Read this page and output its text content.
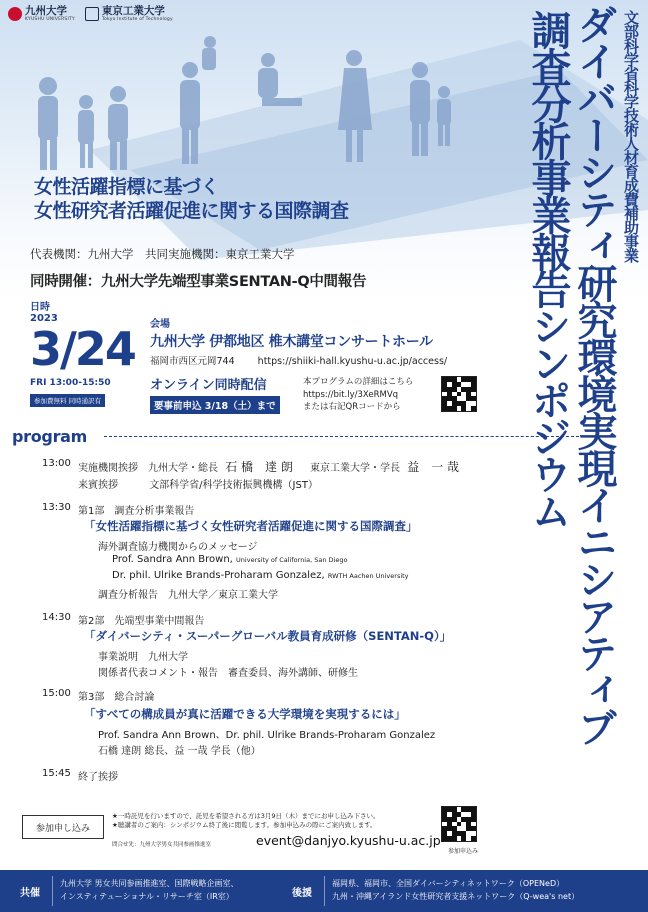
九州大学
KYUSHU UNIVERSITY
東京工業大学
Tokyo Institute of Technology	文部科学省科学技術人材育成費補助事業
ダイバーシティ研究環境実現イニシアティブ
調査分析事業報告シンポジウム
女性活躍指標に基づく
女性研究者活躍促進に関する国際調査
代表機関：九州大学　共同実施機関：東京工業大学
同時開催：九州大学先端型事業SENTAN-Q中間報告
日時
2023
3/24
FRI 13:00-15:50
参加費無料 同時通訳有
会場
九州大学 伊都地区 椎木講堂コンサートホール
福岡市西区元岡744 https://shiiki-hall.kyushu-u.ac.jp/access/
オンライン同時配信
要事前申込 3/18（土）まで
本プログラムの詳細はこちら
https://bit.ly/3XeRMVq
または右記QRコードから
program
13:00 実施機関挨拶　九州大学・総長 石 橋　達 朗 東京工業大学・学長 益　一 哉
来賓挨拶	文部科学省/科学技術振興機構（JST）
13:30 第1部　調査分析事業報告
「女性活躍指標に基づく女性研究者活躍促進に関する国際調査」
海外調査協力機関からのメッセージ
Prof. Sandra Ann Brown, University of California, San Diego
Dr. phil. Ulrike Brands-Proharam Gonzalez, RWTH Aachen University
調査分析報告　九州大学／東京工業大学
14:30 第2部　先端型事業中間報告
「ダイバーシティ・スーパーグローバル教員育成研修（SENTAN-Q）」
事業説明　九州大学
関係者代表コメント・報告　審査委員、海外講師、研修生
15:00 第3部　総合討論
「すべての構成員が真に活躍できる大学環境を実現するには」
Prof. Sandra Ann Brown、Dr. phil. Ulrike Brands-Proharam Gonzalez
石橋 達朗 総長、益 一哉 学長（他）
15:45 終了挨拶
参加申し込み
★一時託児を行いますので、託児を希望される方は3月9日（木）までにお申し込み下さい。
★聴講者のご案内：シンポジウム終了後に閲覧します。参加申込みの際にご案内致します。
event@danjyo.kyushu-u.ac.jp
問合せ先：九州大学男女共同参画推進室
参加申込み
共催
九州大学 男女共同参画推進室、国際戦略企画室、
インスティテューショナル・リサーチ室（IR室）	後援
福岡県、福岡市、全国ダイバーシティネットワーク（OPENeD）
九州・沖縄アイランド女性研究者支援ネットワーク（Q-wea's net）
